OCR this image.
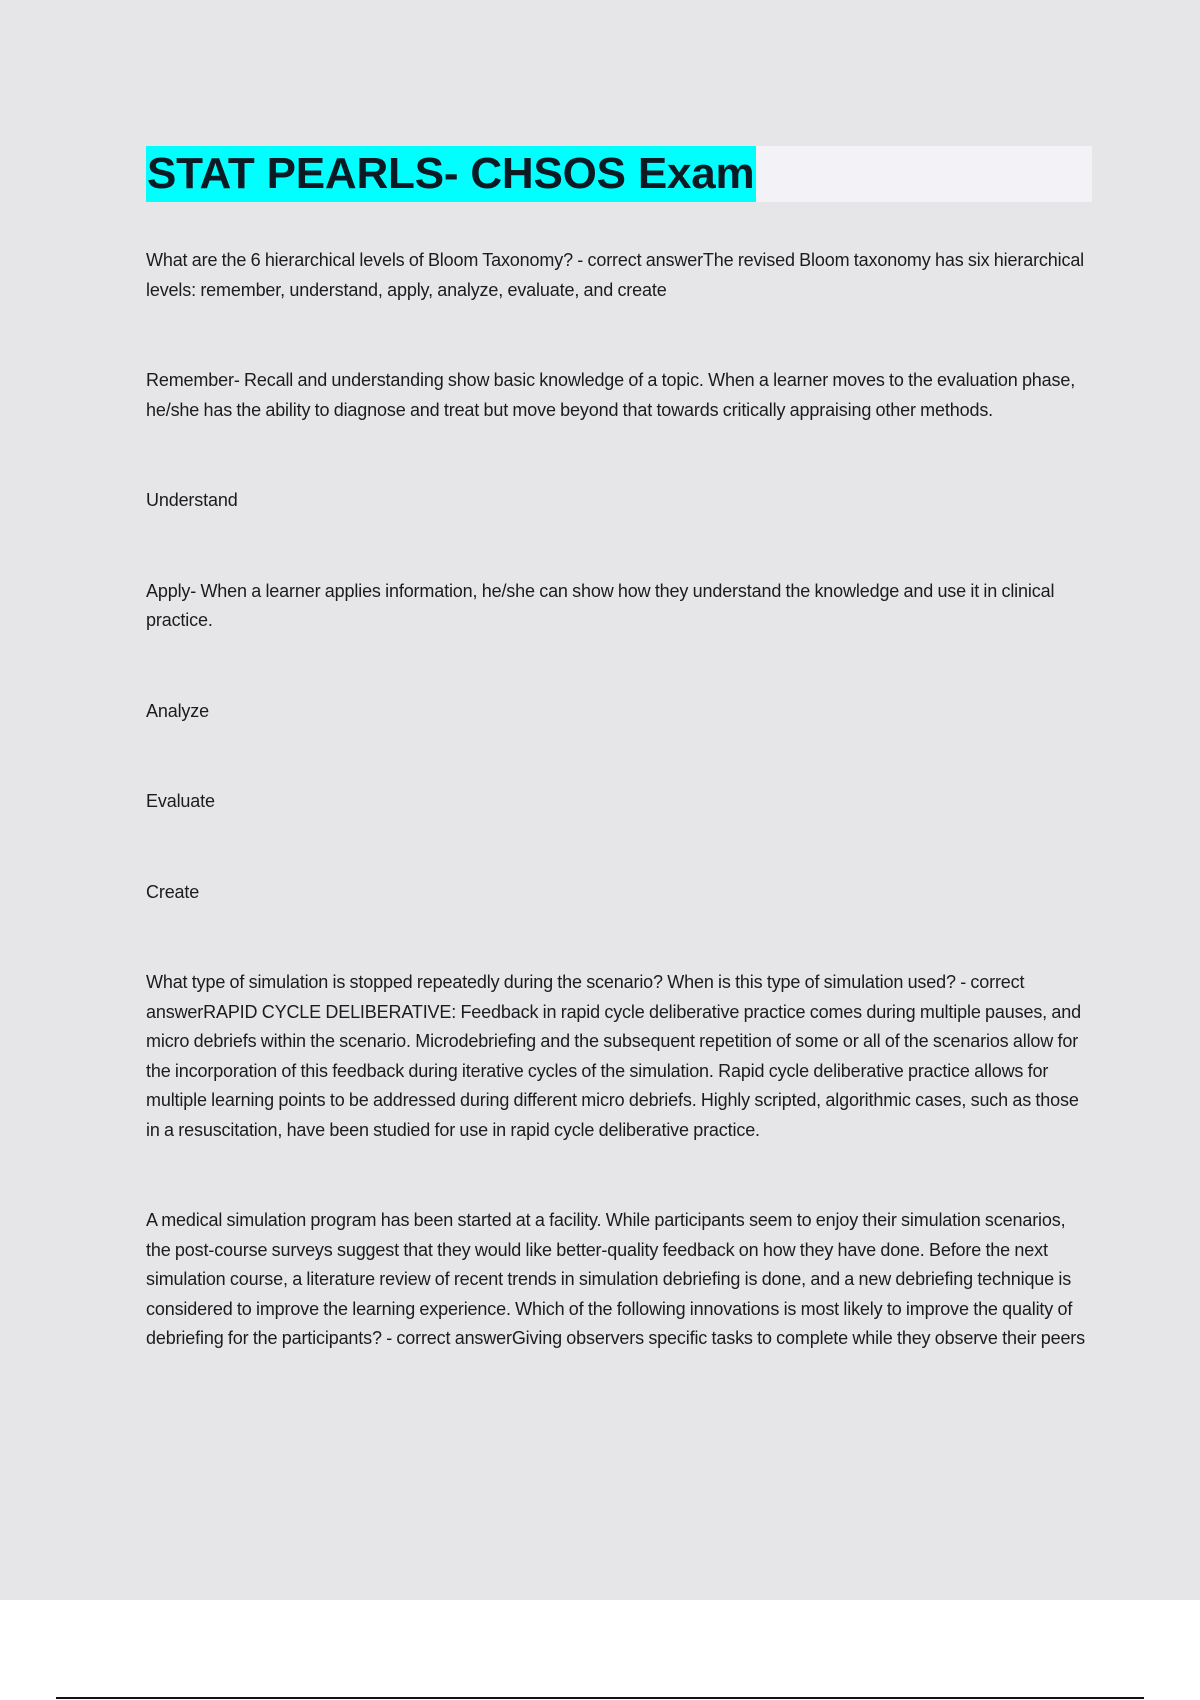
STAT PEARLS- CHSOS Exam

What are the 6 hierarchical levels of Bloom Taxonomy? - correct answerThe revised Bloom taxonomy has six hierarchical levels: remember, understand, apply, analyze, evaluate, and create

Remember- Recall and understanding show basic knowledge of a topic. When a learner moves to the evaluation phase, he/she has the ability to diagnose and treat but move beyond that towards critically appraising other methods.

Understand

Apply- When a learner applies information, he/she can show how they understand the knowledge and use it in clinical practice.

Analyze

Evaluate

Create

What type of simulation is stopped repeatedly during the scenario? When is this type of simulation used? - correct answerRAPID CYCLE DELIBERATIVE: Feedback in rapid cycle deliberative practice comes during multiple pauses, and micro debriefs within the scenario. Microdebriefing and the subsequent repetition of some or all of the scenarios allow for the incorporation of this feedback during iterative cycles of the simulation. Rapid cycle deliberative practice allows for multiple learning points to be addressed during different micro debriefs. Highly scripted, algorithmic cases, such as those in a resuscitation, have been studied for use in rapid cycle deliberative practice.

A medical simulation program has been started at a facility. While participants seem to enjoy their simulation scenarios, the post-course surveys suggest that they would like better-quality feedback on how they have done. Before the next simulation course, a literature review of recent trends in simulation debriefing is done, and a new debriefing technique is considered to improve the learning experience. Which of the following innovations is most likely to improve the quality of debriefing for the participants? - correct answerGiving observers specific tasks to complete while they observe their peers
